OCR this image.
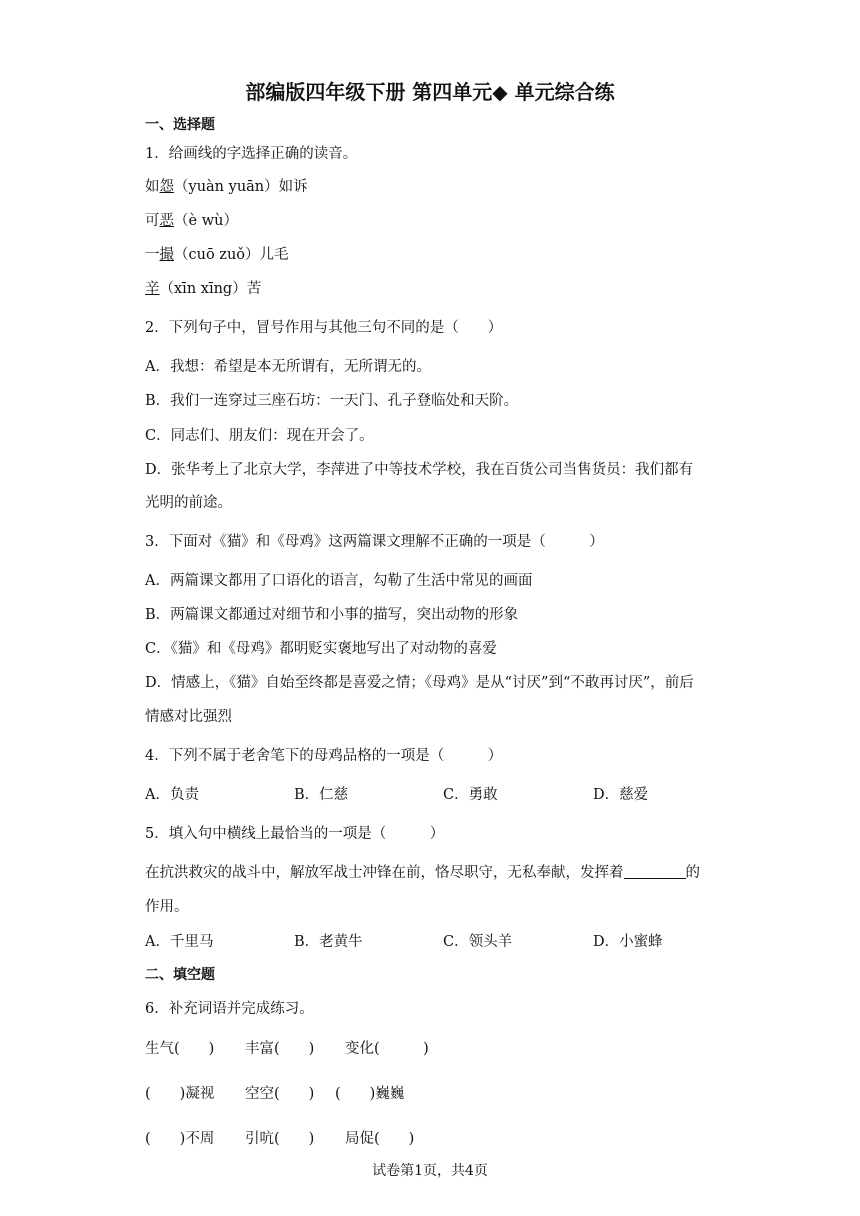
部编版四年级下册 第四单元◆ 单元综合练
一、选择题
1．给画线的字选择正确的读音。
如怨（yuàn yuān）如诉
可恶（è wù）
一撮（cuō zuǒ）儿毛
辛（xīn xīng）苦
2．下列句子中，冒号作用与其他三句不同的是（　　）
A．我想：希望是本无所谓有，无所谓无的。
B．我们一连穿过三座石坊：一天门、孔子登临处和天阶。
C．同志们、朋友们：现在开会了。
D．张华考上了北京大学，李萍进了中等技术学校，我在百货公司当售货员：我们都有
光明的前途。
3．下面对《猫》和《母鸡》这两篇课文理解不正确的一项是（　　　）
A．两篇课文都用了口语化的语言，勾勒了生活中常见的画面
B．两篇课文都通过对细节和小事的描写，突出动物的形象
C．《猫》和《母鸡》都明贬实褒地写出了对动物的喜爱
D．情感上，《猫》自始至终都是喜爱之情；《母鸡》是从“讨厌”到“不敢再讨厌”，前后
情感对比强烈
4．下列不属于老舍笔下的母鸡品格的一项是（　　　）
A．负责	B．仁慈	C．勇敢	D．慈爱
5．填入句中横线上最恰当的一项是（　　　）
在抗洪救灾的战斗中，解放军战士冲锋在前，恪尽职守，无私奉献，发挥着	的
作用。
A．千里马	B．老黄牛	C．领头羊	D．小蜜蜂
二、填空题
6．补充词语并完成练习。
生气(　　) 丰富(　　) 变化(　　　)
(　　)凝视 空空(　　) (　　)巍巍
(　　)不周 引吭(　　) 局促(　　)
试卷第1页，共4页
